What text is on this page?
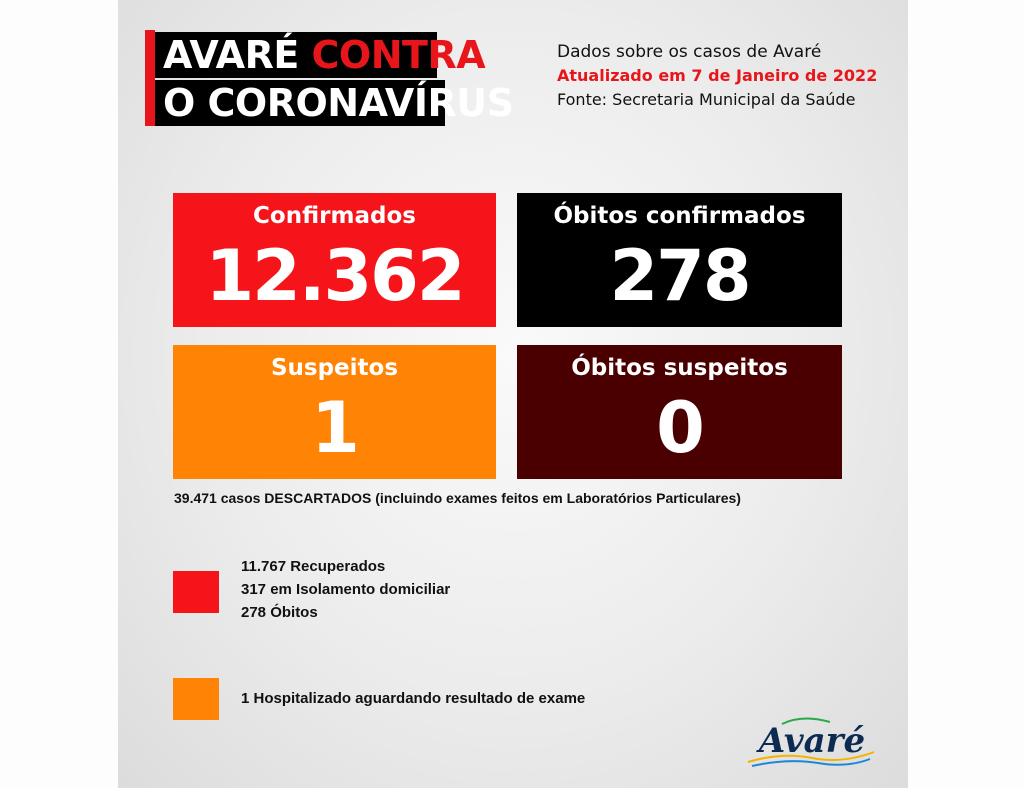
AVARÉ CONTRA
O CORONAVÍRUS
Dados sobre os casos de Avaré
Atualizado em 7 de Janeiro de 2022
Fonte: Secretaria Municipal da Saúde
Confirmados
12.362
Óbitos confirmados
278
Suspeitos
1
Óbitos suspeitos
0
39.471 casos DESCARTADOS (incluindo exames feitos em Laboratórios Particulares)
11.767 Recuperados
317 em Isolamento domiciliar
278 Óbitos
1 Hospitalizado aguardando resultado de exame
Avaré
